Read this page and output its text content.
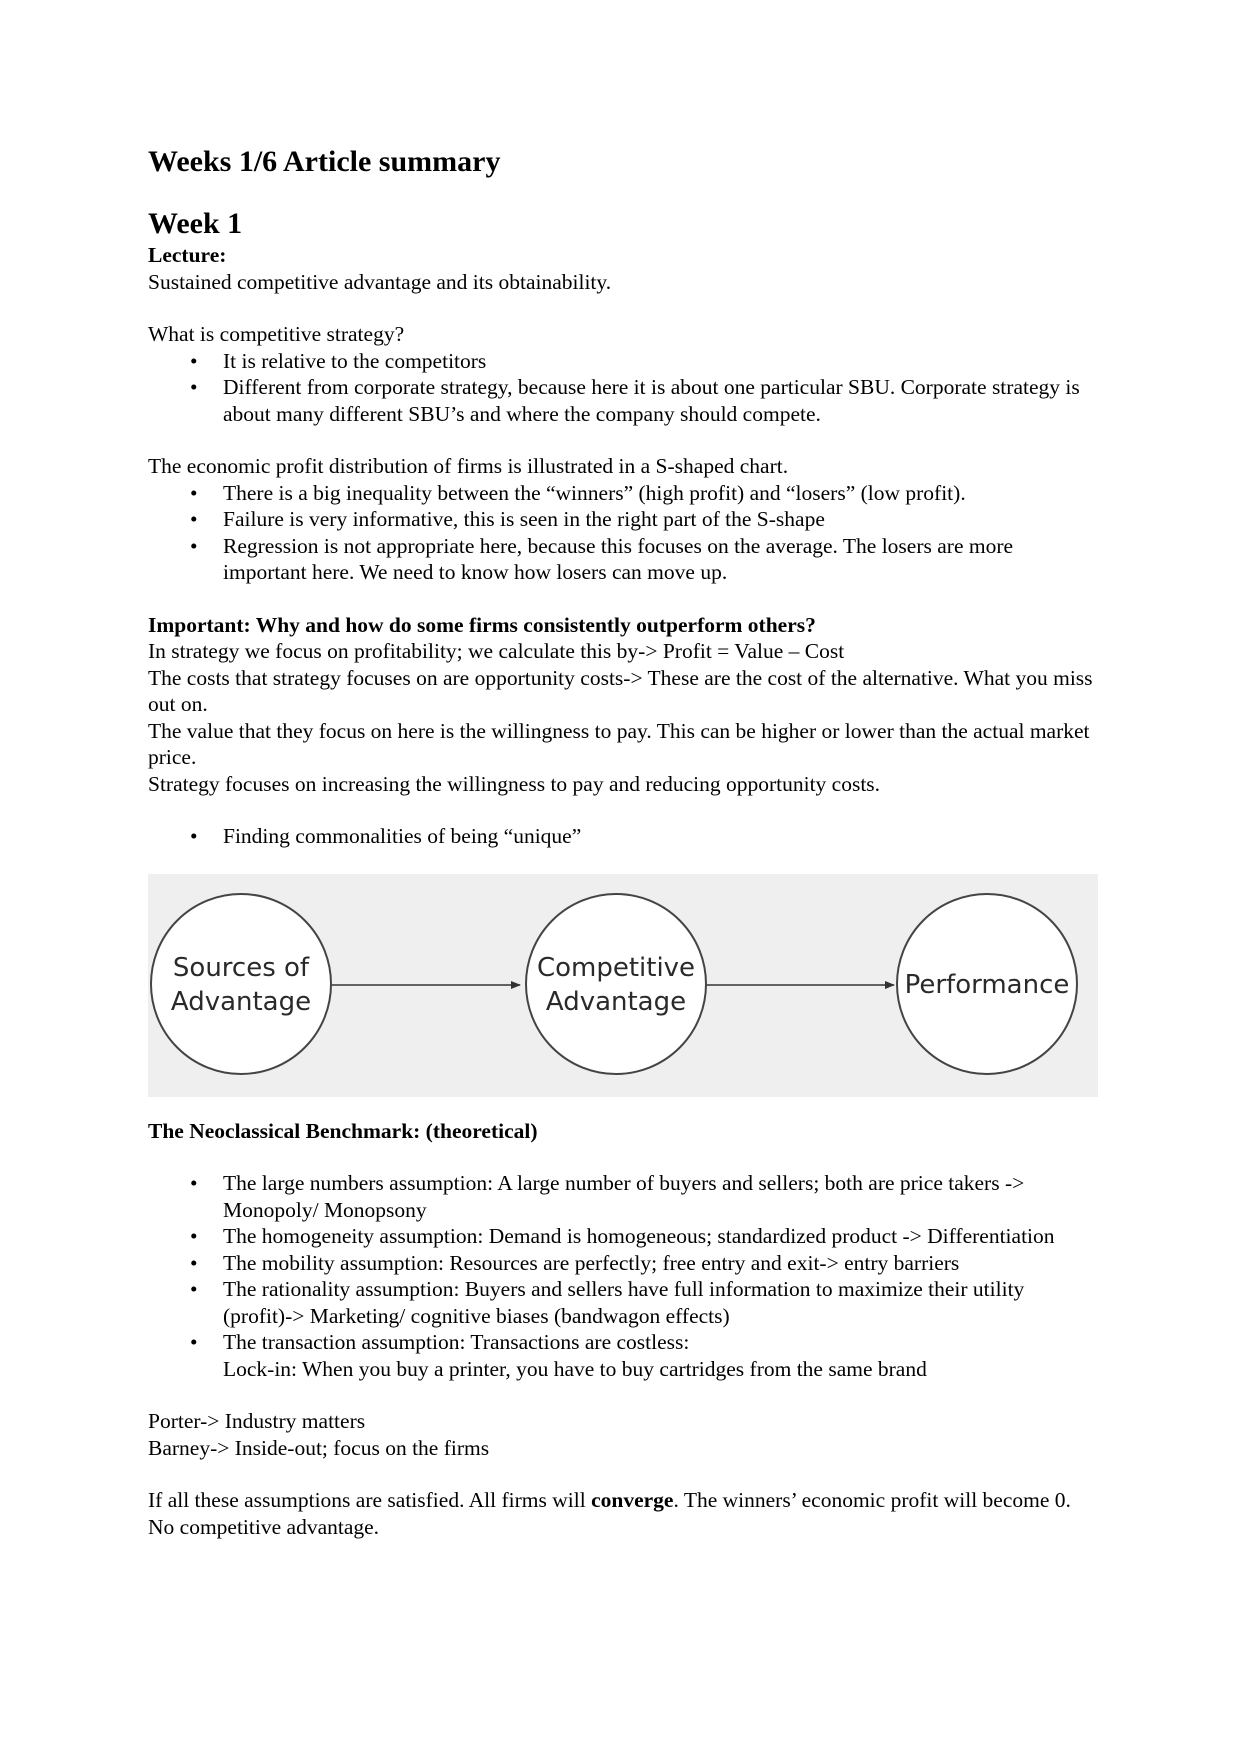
Weeks 1/6 Article summary
Week 1

Lecture:

Sustained competitive advantage and its obtainability.

What is competitive strategy?

• It is relative to the competitors
• Different from corporate strategy, because here it is about one particular SBU. Corporate strategy is about many different SBU’s and where the company should compete.

The economic profit distribution of firms is illustrated in a S-shaped chart.

• There is a big inequality between the “winners” (high profit) and “losers” (low profit).
• Failure is very informative, this is seen in the right part of the S-shape
• Regression is not appropriate here, because this focuses on the average. The losers are more important here. We need to know how losers can move up.

Important: Why and how do some firms consistently outperform others?

In strategy we focus on profitability; we calculate this by-> Profit = Value – Cost

The costs that strategy focuses on are opportunity costs-> These are the cost of the alternative. What you miss out on.

The value that they focus on here is the willingness to pay. This can be higher or lower than the actual market price.

Strategy focuses on increasing the willingness to pay and reducing opportunity costs.

• Finding commonalities of being “unique”
Sources of
Advantage
Competitive
Advantage
Performance

The Neoclassical Benchmark: (theoretical)

• The large numbers assumption: A large number of buyers and sellers; both are price takers -> Monopoly/ Monopsony
• The homogeneity assumption: Demand is homogeneous; standardized product -> Differentiation
• The mobility assumption: Resources are perfectly; free entry and exit-> entry barriers
• The rationality assumption: Buyers and sellers have full information to maximize their utility (profit)-> Marketing/ cognitive biases (bandwagon effects)
• The transaction assumption: Transactions are costless:
Lock-in: When you buy a printer, you have to buy cartridges from the same brand

Porter-> Industry matters

Barney-> Inside-out; focus on the firms

If all these assumptions are satisfied. All firms will converge. The winners’ economic profit will become 0. No competitive advantage.
